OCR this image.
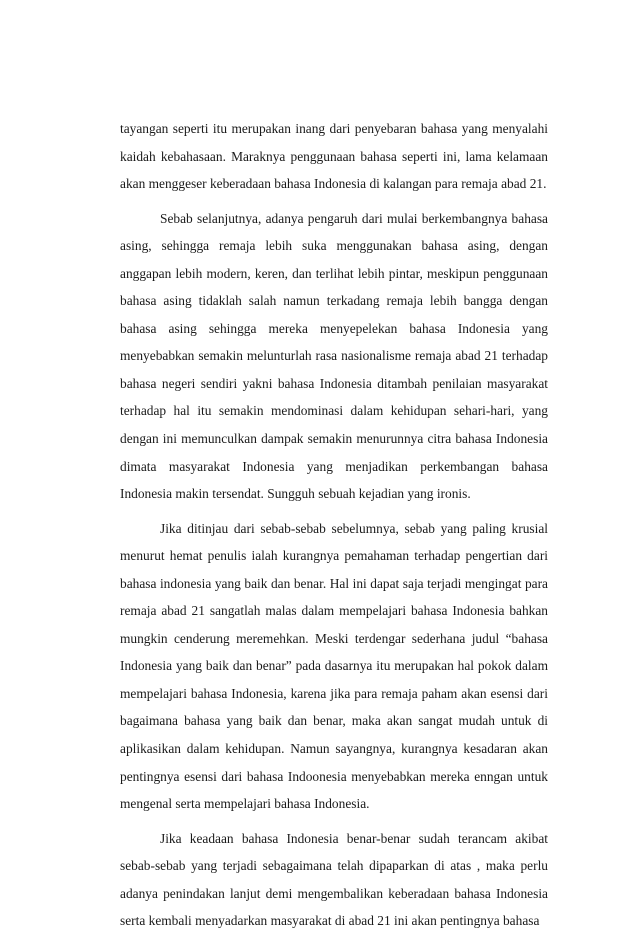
tayangan seperti itu merupakan inang dari penyebaran bahasa yang menyalahi kaidah kebahasaan. Maraknya penggunaan bahasa seperti ini, lama kelamaan akan menggeser keberadaan bahasa Indonesia di kalangan para remaja abad 21.

Sebab selanjutnya, adanya pengaruh dari mulai berkembangnya bahasa asing, sehingga remaja lebih suka menggunakan bahasa asing, dengan anggapan lebih modern, keren, dan terlihat lebih pintar, meskipun penggunaan bahasa asing tidaklah salah namun terkadang remaja lebih bangga dengan bahasa asing sehingga mereka menyepelekan bahasa Indonesia yang menyebabkan semakin melunturlah rasa nasionalisme remaja abad 21 terhadap bahasa negeri sendiri yakni bahasa Indonesia ditambah penilaian masyarakat terhadap hal itu semakin mendominasi dalam kehidupan sehari-hari, yang dengan ini memunculkan dampak semakin menurunnya citra bahasa Indonesia dimata masyarakat Indonesia yang menjadikan perkembangan bahasa Indonesia makin tersendat. Sungguh sebuah kejadian yang ironis.

Jika ditinjau dari sebab-sebab sebelumnya, sebab yang paling krusial menurut hemat penulis ialah kurangnya pemahaman terhadap pengertian dari bahasa indonesia yang baik dan benar. Hal ini dapat saja terjadi mengingat para remaja abad 21 sangatlah malas dalam mempelajari bahasa Indonesia bahkan mungkin cenderung meremehkan. Meski terdengar sederhana judul “bahasa Indonesia yang baik dan benar” pada dasarnya itu merupakan hal pokok dalam mempelajari bahasa Indonesia, karena jika para remaja paham akan esensi dari bagaimana bahasa yang baik dan benar, maka akan sangat mudah untuk di aplikasikan dalam kehidupan. Namun sayangnya, kurangnya kesadaran akan pentingnya esensi dari bahasa Indoonesia menyebabkan mereka enngan untuk mengenal serta mempelajari bahasa Indonesia.

Jika keadaan bahasa Indonesia benar-benar sudah terancam akibat sebab-sebab yang terjadi sebagaimana telah dipaparkan di atas , maka perlu adanya penindakan lanjut demi mengembalikan keberadaan bahasa Indonesia serta kembali menyadarkan masyarakat di abad 21 ini akan pentingnya bahasa
